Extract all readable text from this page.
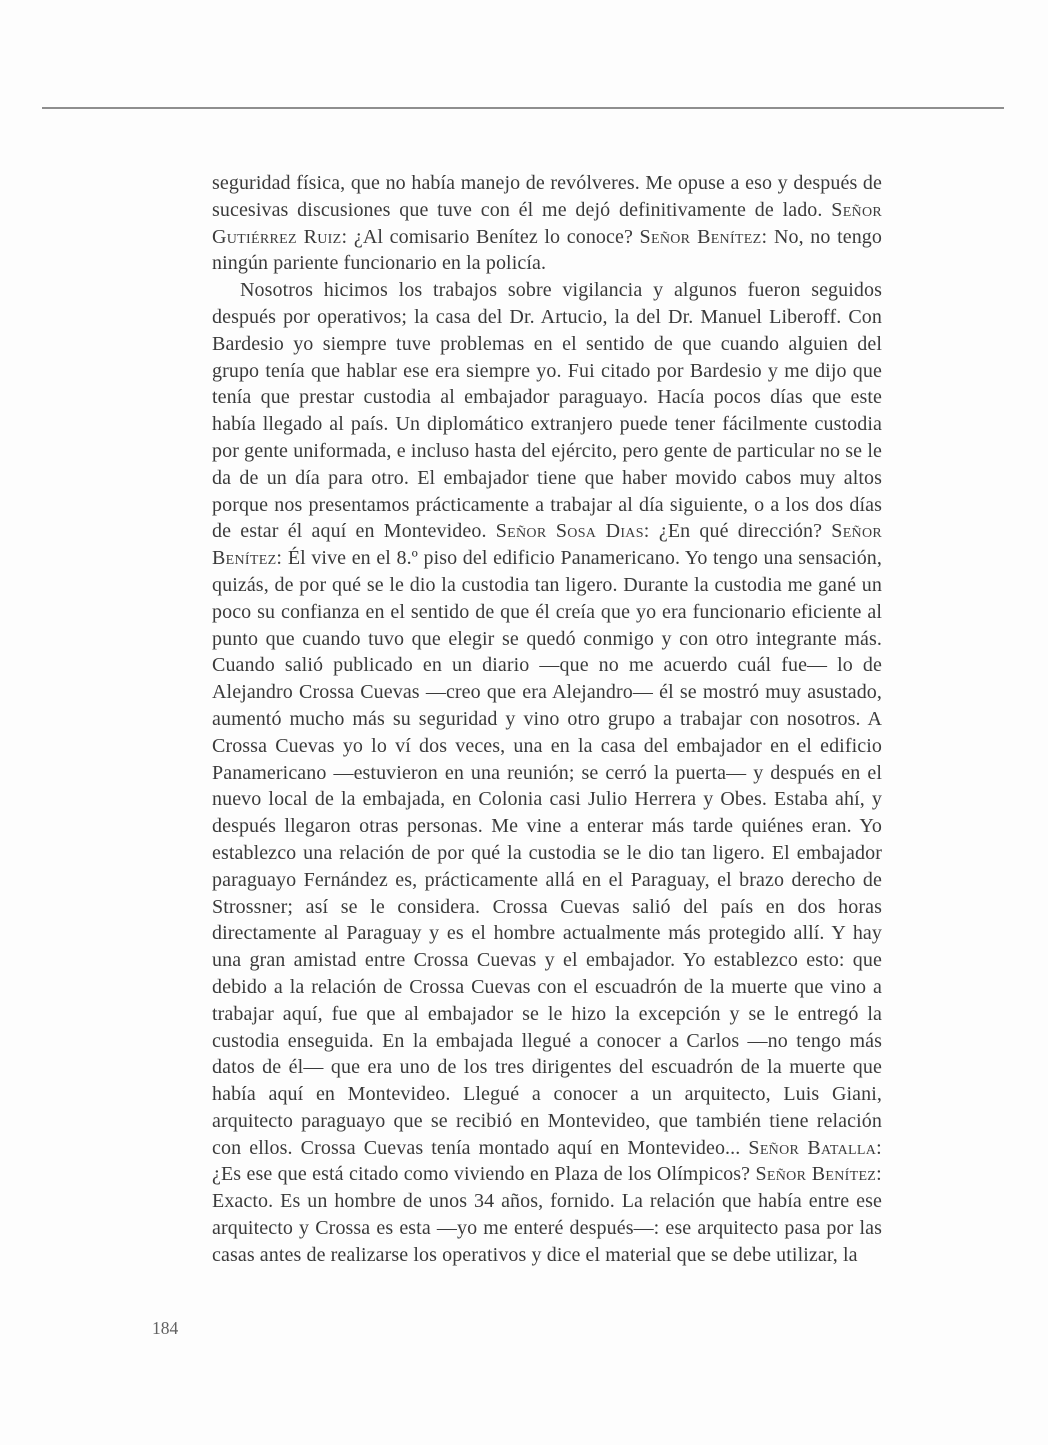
seguridad física, que no había manejo de revólveres. Me opuse a eso y después de sucesivas discusiones que tuve con él me dejó definitivamente de lado. Señor Gutiérrez Ruiz: ¿Al comisario Benítez lo conoce? Señor Benítez: No, no tengo ningún pariente funcionario en la policía.

Nosotros hicimos los trabajos sobre vigilancia y algunos fueron seguidos después por operativos; la casa del Dr. Artucio, la del Dr. Manuel Liberoff. Con Bardesio yo siempre tuve problemas en el sentido de que cuando alguien del grupo tenía que hablar ese era siempre yo. Fui citado por Bardesio y me dijo que tenía que prestar custodia al embajador paraguayo. Hacía pocos días que este había llegado al país. Un diplomático extranjero puede tener fácilmente custodia por gente uniformada, e incluso hasta del ejército, pero gente de particular no se le da de un día para otro. El embajador tiene que haber movido cabos muy altos porque nos presentamos prácticamente a trabajar al día siguiente, o a los dos días de estar él aquí en Montevideo. Señor Sosa Dias: ¿En qué dirección? Señor Benítez: Él vive en el 8.º piso del edificio Panamericano. Yo tengo una sensación, quizás, de por qué se le dio la custodia tan ligero. Durante la custodia me gané un poco su confianza en el sentido de que él creía que yo era funcionario eficiente al punto que cuando tuvo que elegir se quedó conmigo y con otro integrante más. Cuando salió publicado en un diario —que no me acuerdo cuál fue— lo de Alejandro Crossa Cuevas —creo que era Alejandro— él se mostró muy asustado, aumentó mucho más su seguridad y vino otro grupo a trabajar con nosotros. A Crossa Cuevas yo lo ví dos veces, una en la casa del embajador en el edificio Panamericano —estuvieron en una reunión; se cerró la puerta— y después en el nuevo local de la embajada, en Colonia casi Julio Herrera y Obes. Estaba ahí, y después llegaron otras personas. Me vine a enterar más tarde quiénes eran. Yo establezco una relación de por qué la custodia se le dio tan ligero. El embajador paraguayo Fernández es, prácticamente allá en el Paraguay, el brazo derecho de Strossner; así se le considera. Crossa Cuevas salió del país en dos horas directamente al Paraguay y es el hombre actualmente más protegido allí. Y hay una gran amistad entre Crossa Cuevas y el embajador. Yo establezco esto: que debido a la relación de Crossa Cuevas con el escuadrón de la muerte que vino a trabajar aquí, fue que al embajador se le hizo la excepción y se le entregó la custodia enseguida. En la embajada llegué a conocer a Carlos —no tengo más datos de él— que era uno de los tres dirigentes del escuadrón de la muerte que había aquí en Montevideo. Llegué a conocer a un arquitecto, Luis Giani, arquitecto paraguayo que se recibió en Montevideo, que también tiene relación con ellos. Crossa Cuevas tenía montado aquí en Montevideo... Señor Batalla: ¿Es ese que está citado como viviendo en Plaza de los Olímpicos? Señor Benítez: Exacto. Es un hombre de unos 34 años, fornido. La relación que había entre ese arquitecto y Crossa es esta —yo me enteré después—: ese arquitecto pasa por las casas antes de realizarse los operativos y dice el material que se debe utilizar, la

184
